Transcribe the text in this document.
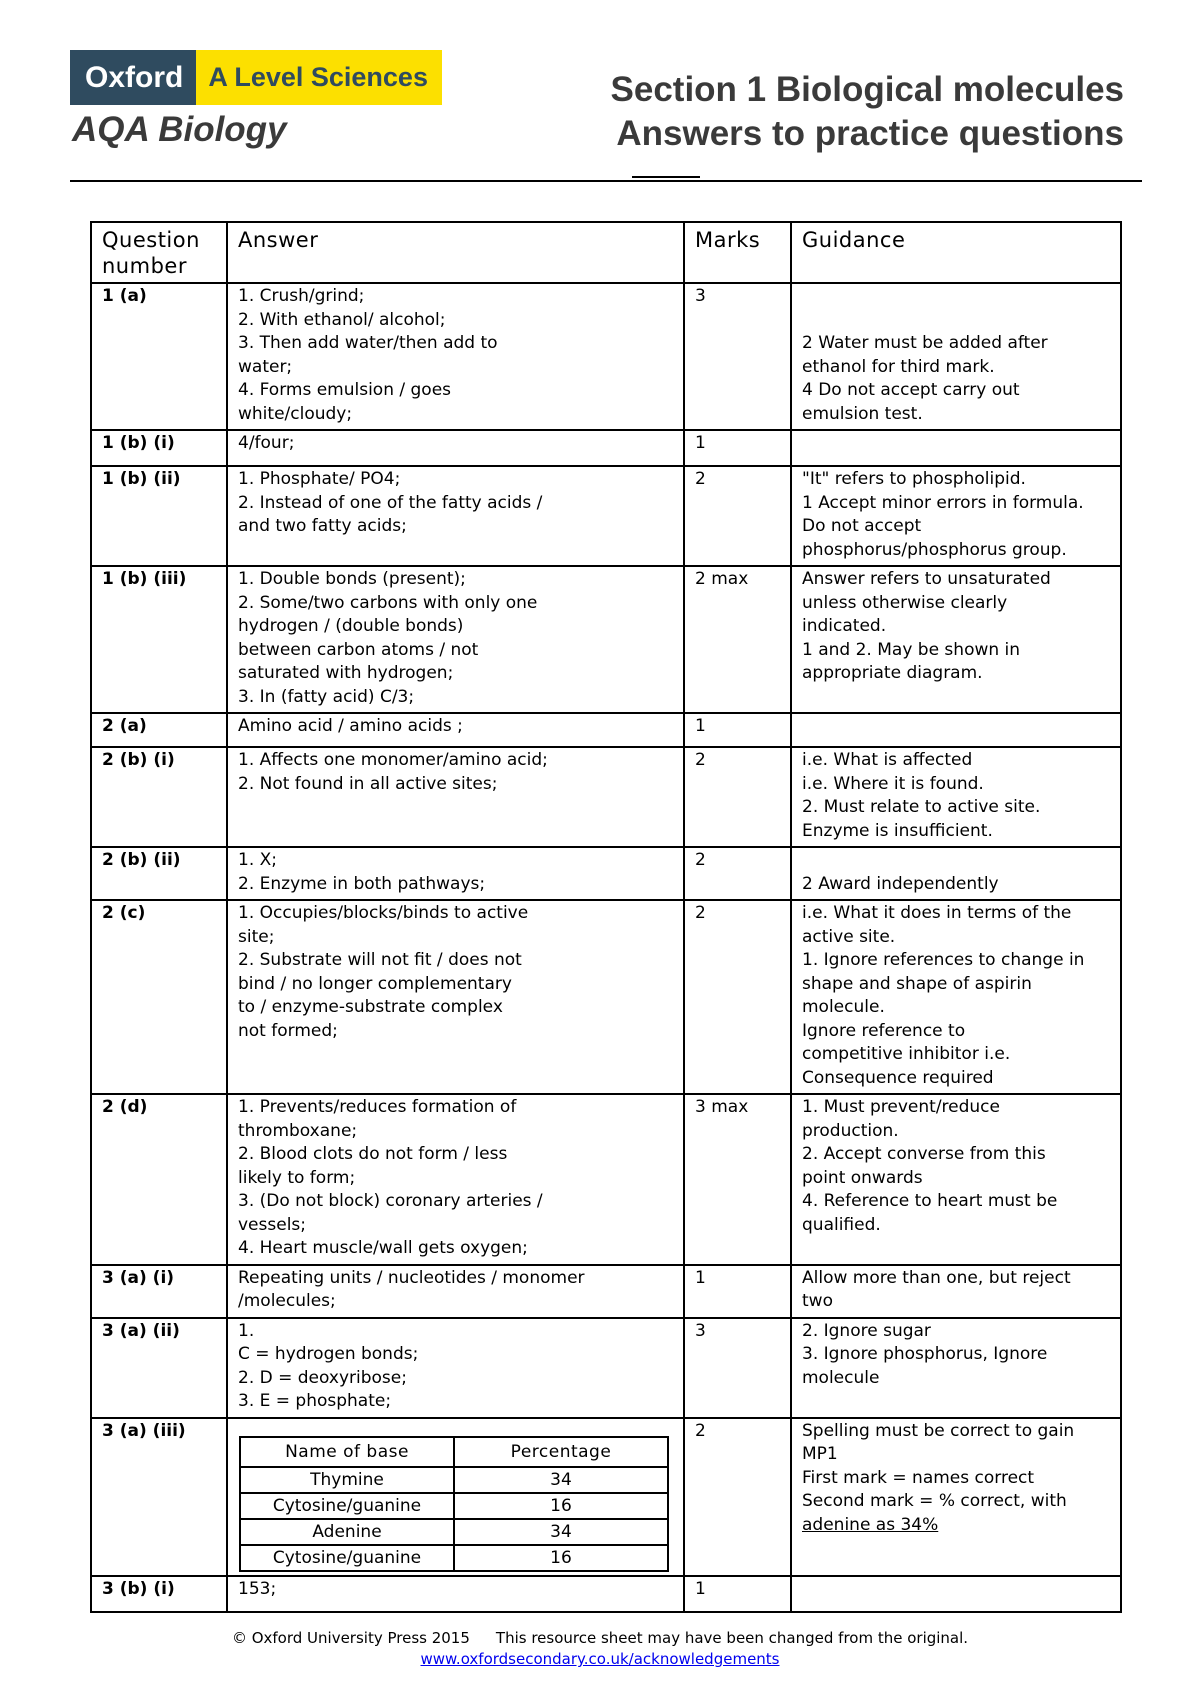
Oxford A Level Sciences
AQA Biology
Section 1 Biological molecules
Answers to practice questions
Question number	Answer	Marks	Guidance
1 (a)	1. Crush/grind;
2. With ethanol/ alcohol;
3. Then add water/then add to
water;
4. Forms emulsion / goes
white/cloudy;
	3	
2 Water must be added after
ethanol for third mark.
4 Do not accept carry out
emulsion test.

1 (b) (i)	4/four;	1	

1 (b) (ii)	1. Phosphate/ PO4;
2. Instead of one of the fatty acids /
and two fatty acids;
	2	"It" refers to phospholipid.
1 Accept minor errors in formula.
Do not accept
phosphorus/phosphorus group.

1 (b) (iii)	1. Double bonds (present);
2. Some/two carbons with only one
hydrogen / (double bonds)
between carbon atoms / not
saturated with hydrogen;
3. In (fatty acid) C/3;
	2 max	Answer refers to unsaturated
unless otherwise clearly
indicated.
1 and 2. May be shown in
appropriate diagram.

2 (a)	Amino acid / amino acids ;	1	

2 (b) (i)	1. Affects one monomer/amino acid;
2. Not found in all active sites;
	2	i.e. What is affected
i.e. Where it is found.
2. Must relate to active site.
Enzyme is insufficient.

2 (b) (ii)	1. X;
2. Enzyme in both pathways;
	2	
2 Award independently

2 (c)	1. Occupies/blocks/binds to active
site;
2. Substrate will not fit / does not
bind / no longer complementary
to / enzyme-substrate complex
not formed;
	2	i.e. What it does in terms of the
active site.
1. Ignore references to change in
shape and shape of aspirin
molecule.
Ignore reference to
competitive inhibitor i.e.
Consequence required

2 (d)	1. Prevents/reduces formation of
thromboxane;
2. Blood clots do not form / less
likely to form;
3. (Do not block) coronary arteries /
vessels;
4. Heart muscle/wall gets oxygen;
	3 max	1. Must prevent/reduce
production.
2. Accept converse from this
point onwards
4. Reference to heart must be
qualified.

3 (a) (i)	Repeating units / nucleotides / monomer
/molecules;
	1	Allow more than one, but reject
two

3 (a) (ii)	1.
C = hydrogen bonds;
2. D = deoxyribose;
3. E = phosphate;
	3	2. Ignore sugar
3. Ignore phosphorus, Ignore
molecule

3 (a) (iii)	
Name of base	Percentage
Thymine	34
Cytosine/guanine	16
Adenine	34
Cytosine/guanine	16
	2	Spelling must be correct to gain
MP1
First mark = names correct
Second mark = % correct, with
adenine as 34%

3 (b) (i)	153;	1	
© Oxford University Press 2015 This resource sheet may have been changed from the original.
www.oxfordsecondary.co.uk/acknowledgements
